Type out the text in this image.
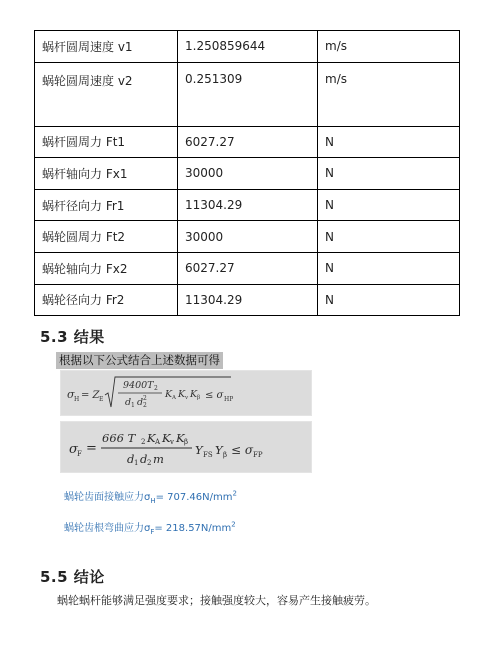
蜗杆圆周速度 v1	1.250859644	m/s
蜗轮圆周速度 v2	0.251309	m/s
蜗杆圆周力 Ft1	6027.27	N
蜗杆轴向力 Fx1	30000	N
蜗杆径向力 Fr1	11304.29	N
蜗轮圆周力 Ft2	30000	N
蜗轮轴向力 Fx2	6027.27	N
蜗轮径向力 Fr2	11304.29	N
5.3 结果
根据以下公式结合上述数据可得
σ H = Z E
9400T 2
d 1 d 2
2 K A K v K β ≤ σ HP
σ F =
666 T 2 K A K v K β
d 1 d 2 m
Y FS Y β ≤ σ FP
蜗轮齿面接触应力$\sigma_H= 707.46N/mm^2$
蜗轮齿根弯曲应力$\sigma_F= 218.57N/mm^2$
5.5 结论
蜗轮蜗杆能够满足强度要求；接触强度较大，容易产生接触疲劳。
